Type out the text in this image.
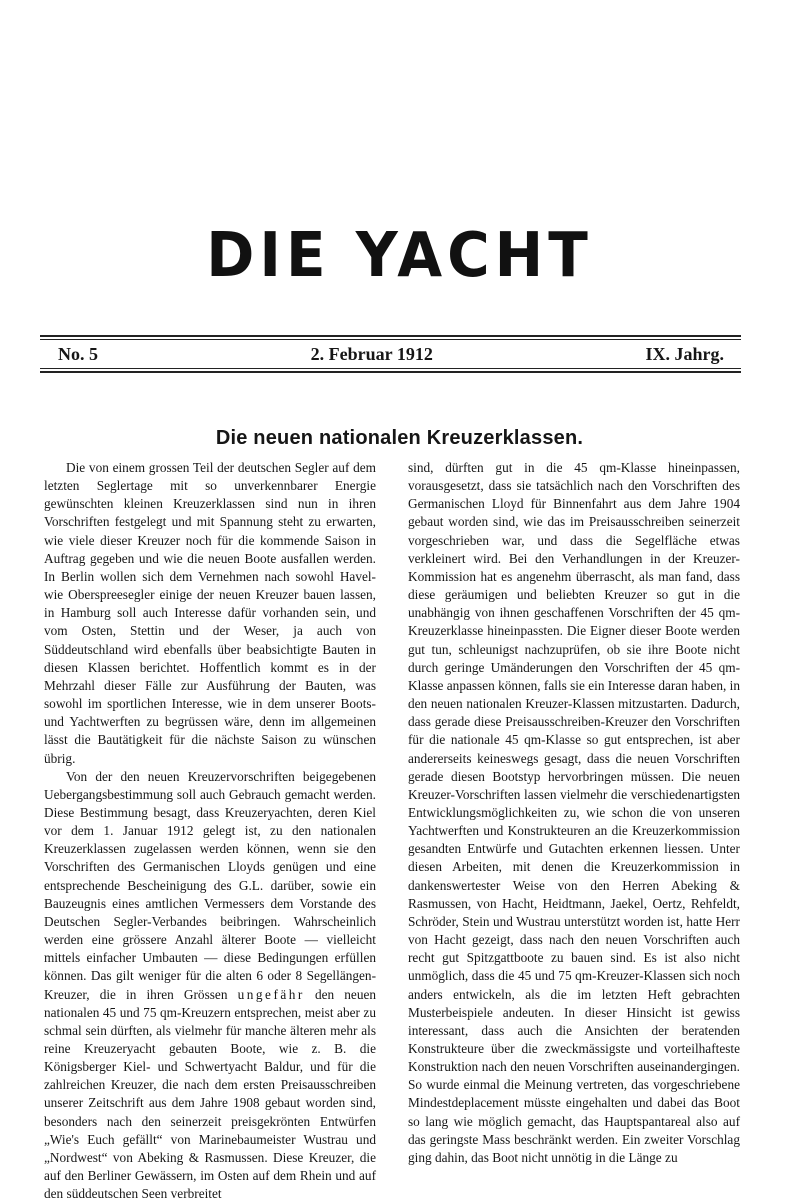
DIE YACHT
No. 5	2. Februar 1912	IX. Jahrg.
Die neuen nationalen Kreuzerklassen.

Die von einem grossen Teil der deutschen Segler auf dem letzten Seglertage mit so unverkennbarer Energie gewünschten kleinen Kreuzerklassen sind nun in ihren Vorschriften festgelegt und mit Spannung steht zu erwarten, wie viele dieser Kreuzer noch für die kommende Saison in Auftrag gegeben und wie die neuen Boote ausfallen werden. In Berlin wollen sich dem Vernehmen nach sowohl Havel- wie Oberspreesegler einige der neuen Kreuzer bauen lassen, in Hamburg soll auch Interesse dafür vorhanden sein, und vom Osten, Stettin und der Weser, ja auch von Süddeutschland wird ebenfalls über beabsichtigte Bauten in diesen Klassen berichtet. Hoffentlich kommt es in der Mehrzahl dieser Fälle zur Ausführung der Bauten, was sowohl im sportlichen Interesse, wie in dem unserer Boots- und Yachtwerften zu begrüssen wäre, denn im allgemeinen lässt die Bautätigkeit für die nächste Saison zu wünschen übrig.

Von der den neuen Kreuzervorschriften beigegebenen Uebergangsbestimmung soll auch Gebrauch gemacht werden. Diese Bestimmung besagt, dass Kreuzeryachten, deren Kiel vor dem 1. Januar 1912 gelegt ist, zu den nationalen Kreuzerklassen zugelassen werden können, wenn sie den Vorschriften des Germanischen Lloyds genügen und eine entsprechende Bescheinigung des G.L. darüber, sowie ein Bauzeugnis eines amtlichen Vermessers dem Vorstande des Deutschen Segler-Verbandes beibringen. Wahrscheinlich werden eine grössere Anzahl älterer Boote — vielleicht mittels einfacher Umbauten — diese Bedingungen erfüllen können. Das gilt weniger für die alten 6 oder 8 Segellängen-Kreuzer, die in ihren Grössen ungefähr den neuen nationalen 45 und 75 qm-Kreuzern entsprechen, meist aber zu schmal sein dürften, als vielmehr für manche älteren mehr als reine Kreuzeryacht gebauten Boote, wie z. B. die Königsberger Kiel- und Schwertyacht Baldur, und für die zahlreichen Kreuzer, die nach dem ersten Preisausschreiben unserer Zeitschrift aus dem Jahre 1908 gebaut worden sind, besonders nach den seinerzeit preisgekrönten Entwürfen „Wie's Euch gefällt“ von Marinebaumeister Wustrau und „Nordwest“ von Abeking & Rasmussen. Diese Kreuzer, die auf den Berliner Gewässern, im Osten auf dem Rhein und auf den süddeutschen Seen verbreitet

sind, dürften gut in die 45 qm-Klasse hineinpassen, vorausgesetzt, dass sie tatsächlich nach den Vorschriften des Germanischen Lloyd für Binnenfahrt aus dem Jahre 1904 gebaut worden sind, wie das im Preisausschreiben seinerzeit vorgeschrieben war, und dass die Segelfläche etwas verkleinert wird. Bei den Verhandlungen in der Kreuzer-Kommission hat es angenehm überrascht, als man fand, dass diese geräumigen und beliebten Kreuzer so gut in die unabhängig von ihnen geschaffenen Vorschriften der 45 qm-Kreuzerklasse hineinpassten. Die Eigner dieser Boote werden gut tun, schleunigst nachzuprüfen, ob sie ihre Boote nicht durch geringe Umänderungen den Vorschriften der 45 qm-Klasse anpassen können, falls sie ein Interesse daran haben, in den neuen nationalen Kreuzer-Klassen mitzustarten. Dadurch, dass gerade diese Preisausschreiben-Kreuzer den Vorschriften für die nationale 45 qm-Klasse so gut entsprechen, ist aber andererseits keineswegs gesagt, dass die neuen Vorschriften gerade diesen Bootstyp hervorbringen müssen. Die neuen Kreuzer-Vorschriften lassen vielmehr die verschiedenartigsten Entwicklungsmöglichkeiten zu, wie schon die von unseren Yachtwerften und Konstrukteuren an die Kreuzerkommission gesandten Entwürfe und Gutachten erkennen liessen. Unter diesen Arbeiten, mit denen die Kreuzerkommission in dankenswertester Weise von den Herren Abeking & Rasmussen, von Hacht, Heidtmann, Jaekel, Oertz, Rehfeldt, Schröder, Stein und Wustrau unterstützt worden ist, hatte Herr von Hacht gezeigt, dass nach den neuen Vorschriften auch recht gut Spitzgattboote zu bauen sind. Es ist also nicht unmöglich, dass die 45 und 75 qm-Kreuzer-Klassen sich noch anders entwickeln, als die im letzten Heft gebrachten Musterbeispiele andeuten. In dieser Hinsicht ist gewiss interessant, dass auch die Ansichten der beratenden Konstrukteure über die zweckmässigste und vorteilhafteste Konstruktion nach den neuen Vorschriften auseinandergingen. So wurde einmal die Meinung vertreten, das vorgeschriebene Mindestdeplacement müsste eingehalten und dabei das Boot so lang wie möglich gemacht, das Hauptspantareal also auf das geringste Mass beschränkt werden. Ein zweiter Vorschlag ging dahin, das Boot nicht unnötig in die Länge zu
